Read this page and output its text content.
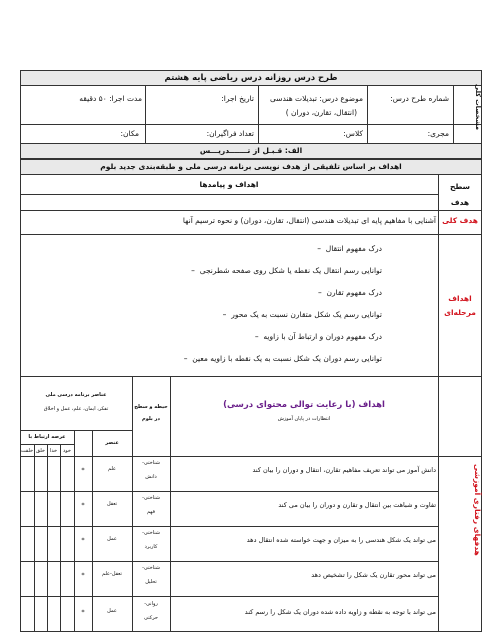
طرح درس روزانه درس ریاضی پایه هشتم
مشخصات کلی
شماره طرح درس:
موضوع درس: تبدیلات هندسی
(انتقال، تقارن، دوران )
تاریخ اجرا:
مدت اجرا: ۵۰ دقیقه
مجری:
کلاس:
تعداد فراگیران:
مکان:
الف: قـبـل از تـــــــدریـــس
اهداف بر اساس تلفیقی از هدف نویسی برنامه درسی ملی و طبقه‌بندی جدید بلوم
اهداف و پیامدها	سطح
هدف
هدف کلی
آشنایی با مفاهیم پایه ای تبدیلات هندسی (انتقال، تقارن، دوران) و نحوه ترسیم آنها
اهداف
مرحله‌ای
درک مفهوم انتقال  –
توانایی رسم انتقال یک نقطه یا شکل روی صفحه شطرنجی  –
درک مفهوم تقارن  –
توانایی رسم یک شکل متقارن نسبت به یک محور  –
درک مفهوم دوران و ارتباط آن با زاویه  –
توانایی رسم دوران یک شکل نسبت به یک نقطه با زاویه معین  –
هدفهای رفتاری آموزشی
اهداف (با رعایت توالی محتوای درسی)
انتظارات در پایان آموزش
حیطه و سطح
در بلوم
عناصر برنامه درسی ملی
تفکر، ایمان، علم، عمل و اخلاق
عرصه ارتباط با
عنصر
خود
خدا
خلق
خلقت
دانش آموز می تواند تعریف مفاهیم تقارن، انتقال و دوران را بیان کند
شناختی-
دانش
علم
*
تفاوت و شباهت بین انتقال و تقارن و دوران را بیان می کند
شناختی-
فهم
تعقل
*
می تواند یک شکل هندسی را به میزان و جهت خواسته شده انتقال دهد
شناختی-
کاربرد
عمل
*
می تواند محور تقارن یک شکل را تشخیص دهد
شناختی-
تحلیل
تعقل-علم
*
می تواند با توجه به نقطه و زاویه داده شده دوران یک شکل را رسم کند
روانی-
حرکتی
عمل
*
